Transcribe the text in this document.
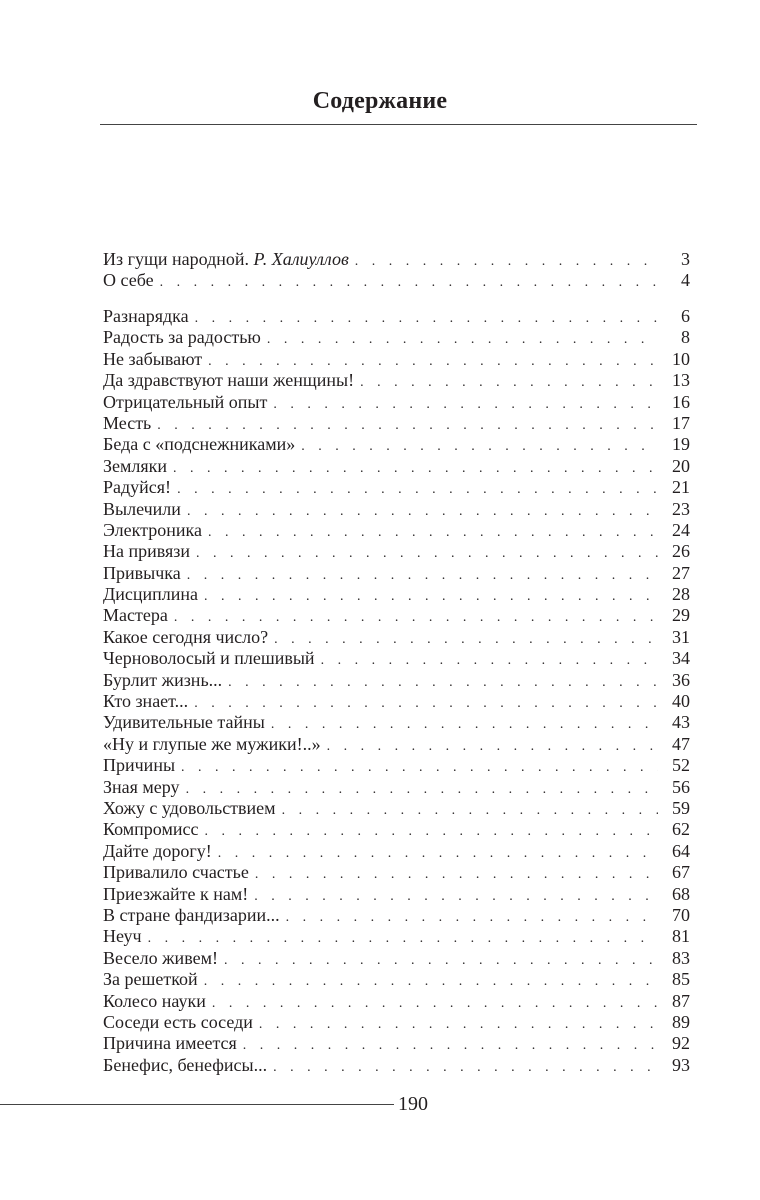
Содержание
Из гущи народной. Р. Халиуллов . . .	3
О себе . . .	4
Разнарядка . . .	6
Радость за радостью . . .	8
Не забывают . . .	10
Да здравствуют наши женщины! . . .	13
Отрицательный опыт . . .	16
Месть . . .	17
Беда с «подснежниками» . . .	19
Земляки . . .	20
Радуйся! . . .	21
Вылечили . . .	23
Электроника . . .	24
На привязи . . .	26
Привычка . . .	27
Дисциплина . . .	28
Мастера . . .	29
Какое сегодня число? . . .	31
Черноволосый и плешивый . . .	34
Бурлит жизнь... . . .	36
Кто знает... . . .	40
Удивительные тайны . . .	43
«Ну и глупые же мужики!..» . . .	47
Причины . . .	52
Зная меру . . .	56
Хожу с удовольствием . . .	59
Компромисс . . .	62
Дайте дорогу! . . .	64
Привалило счастье . . .	67
Приезжайте к нам! . . .	68
В стране фандизарии... . . .	70
Неуч . . .	81
Весело живем! . . .	83
За решеткой . . .	85
Колесо науки . . .	87
Соседи есть соседи . . .	89
Причина имеется . . .	92
Бенефис, бенефисы... . . .	93
190
